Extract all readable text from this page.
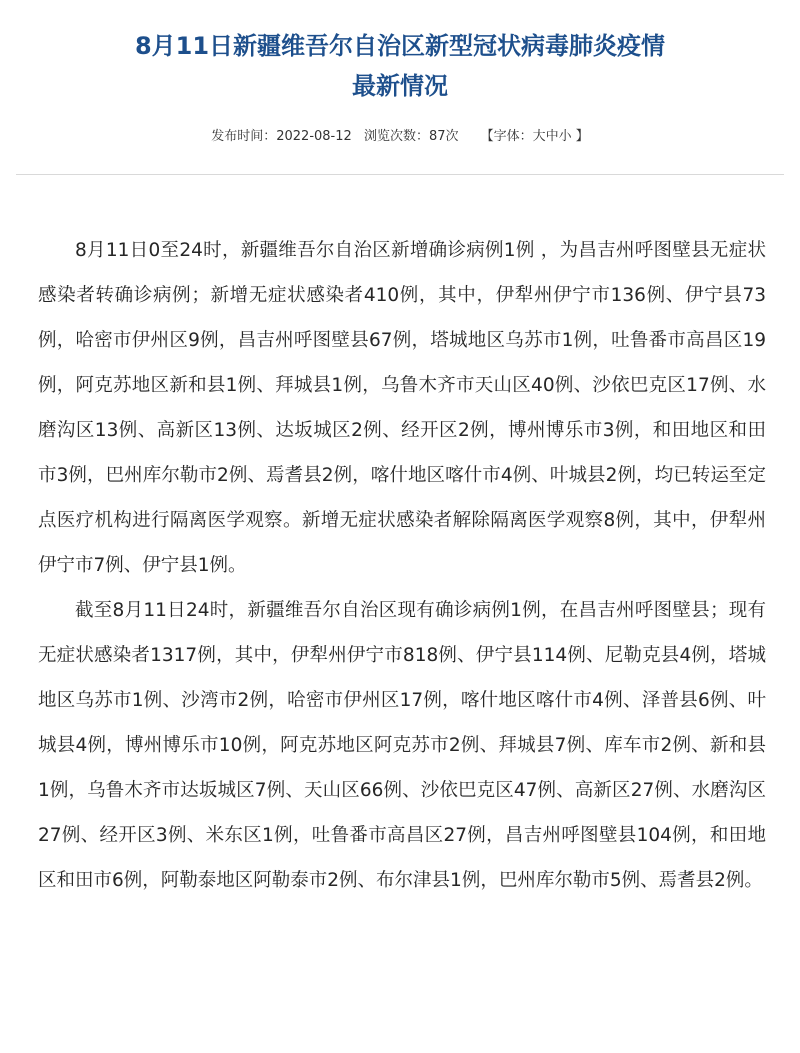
8月11日新疆维吾尔自治区新型冠状病毒肺炎疫情
最新情况
发布时间：2022-08-12 浏览次数：87次 【字体：大中小 】

8月11日0至24时，新疆维吾尔自治区新增确诊病例1例 ，为昌吉州呼图壁县无症状感染者转确诊病例；新增无症状感染者410例，其中，伊犁州伊宁市136例、伊宁县73例，哈密市伊州区9例，昌吉州呼图壁县67例，塔城地区乌苏市1例，吐鲁番市高昌区19例，阿克苏地区新和县1例、拜城县1例，乌鲁木齐市天山区40例、沙依巴克区17例、水磨沟区13例、高新区13例、达坂城区2例、经开区2例，博州博乐市3例，和田地区和田市3例，巴州库尔勒市2例、焉耆县2例，喀什地区喀什市4例、叶城县2例，均已转运至定点医疗机构进行隔离医学观察。新增无症状感染者解除隔离医学观察8例，其中，伊犁州伊宁市7例、伊宁县1例。

截至8月11日24时，新疆维吾尔自治区现有确诊病例1例，在昌吉州呼图壁县；现有无症状感染者1317例，其中，伊犁州伊宁市818例、伊宁县114例、尼勒克县4例，塔城地区乌苏市1例、沙湾市2例，哈密市伊州区17例，喀什地区喀什市4例、泽普县6例、叶城县4例，博州博乐市10例，阿克苏地区阿克苏市2例、拜城县7例、库车市2例、新和县1例，乌鲁木齐市达坂城区7例、天山区66例、沙依巴克区47例、高新区27例、水磨沟区27例、经开区3例、米东区1例，吐鲁番市高昌区27例，昌吉州呼图壁县104例，和田地区和田市6例，阿勒泰地区阿勒泰市2例、布尔津县1例，巴州库尔勒市5例、焉耆县2例。
